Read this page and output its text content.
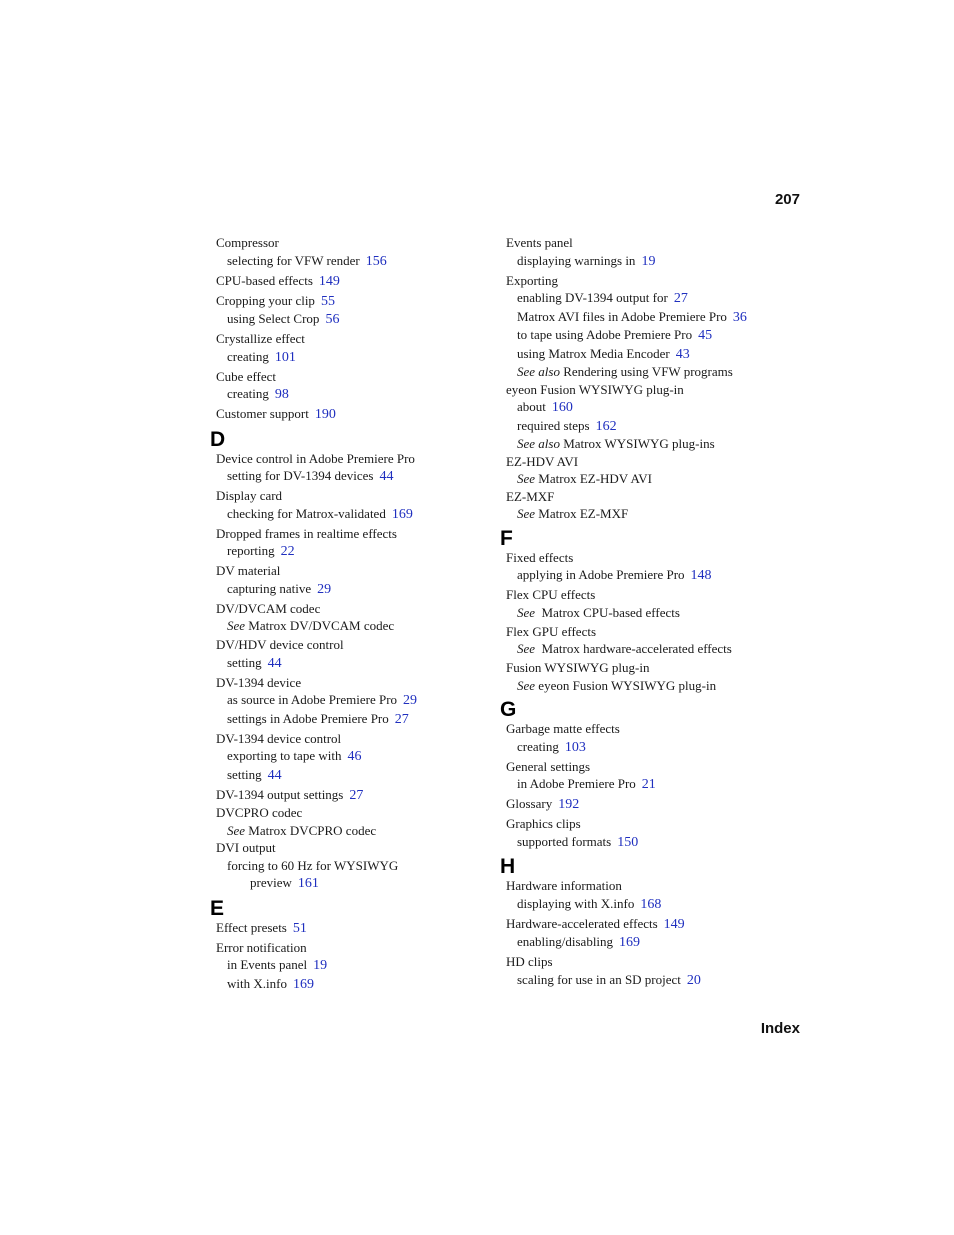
207
Compressor
selecting for VFW render 156
CPU-based effects 149
Cropping your clip 55
using Select Crop 56
Crystallize effect
creating 101
Cube effect
creating 98
Customer support 190
D
Device control in Adobe Premiere Pro
setting for DV-1394 devices 44
Display card
checking for Matrox-validated 169
Dropped frames in realtime effects
reporting 22
DV material
capturing native 29
DV/DVCAM codec
See Matrox DV/DVCAM codec
DV/HDV device control
setting 44
DV-1394 device
as source in Adobe Premiere Pro 29
settings in Adobe Premiere Pro 27
DV-1394 device control
exporting to tape with 46
setting 44
DV-1394 output settings 27
DVCPRO codec
See Matrox DVCPRO codec
DVI output
forcing to 60 Hz for WYSIWYG
preview 161
E
Effect presets 51
Error notification
in Events panel 19
with X.info 169
Events panel
displaying warnings in 19
Exporting
enabling DV-1394 output for 27
Matrox AVI files in Adobe Premiere Pro 36
to tape using Adobe Premiere Pro 45
using Matrox Media Encoder 43
See also Rendering using VFW programs
eyeon Fusion WYSIWYG plug-in
about 160
required steps 162
See also Matrox WYSIWYG plug-ins
EZ-HDV AVI
See Matrox EZ-HDV AVI
EZ-MXF
See Matrox EZ-MXF
F
Fixed effects
applying in Adobe Premiere Pro 148
Flex CPU effects
See Matrox CPU-based effects
Flex GPU effects
See Matrox hardware-accelerated effects
Fusion WYSIWYG plug-in
See eyeon Fusion WYSIWYG plug-in
G
Garbage matte effects
creating 103
General settings
in Adobe Premiere Pro 21
Glossary 192
Graphics clips
supported formats 150
H
Hardware information
displaying with X.info 168
Hardware-accelerated effects 149
enabling/disabling 169
HD clips
scaling for use in an SD project 20
Index
